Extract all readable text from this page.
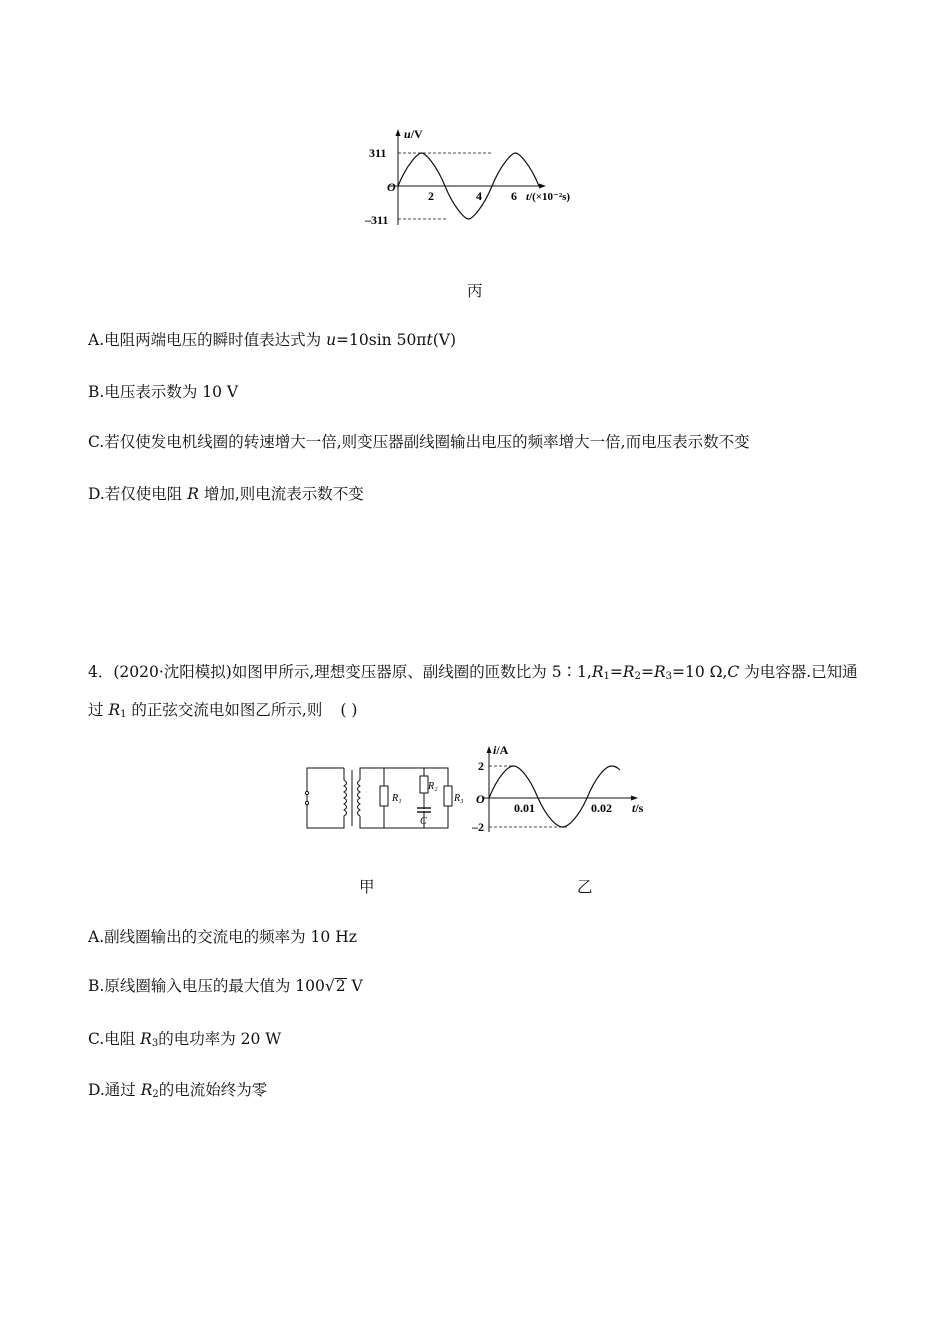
u/V
311
–311
O
2	4 6 t/(×10⁻²s)
丙
A.电阻两端电压的瞬时值表达式为 u=10sin 50πt(V)
B.电压表示数为 10 V
C.若仅使发电机线圈的转速增大一倍,则变压器副线圈输出电压的频率增大一倍,而电压表示数不变
D.若仅使电阻 R 增加,则电流表示数不变
4．(2020·沈阳模拟)如图甲所示,理想变压器原、副线圈的匝数比为 $5∶1,R_1=R_2=R_3=10$ Ω,C 为电容器.已知通
过 $R_1$ 的正弦交流电如图乙所示,则 ( )
R₁
R₂
C
R₃
i/A
2
–2
O
0.01	0.02 t/s
甲	乙
A.副线圈输出的交流电的频率为 10 Hz
B.原线圈输入电压的最大值为 100√2 V
C.电阻 $R_3$的电功率为 20 W
D.通过 $R_2$的电流始终为零
